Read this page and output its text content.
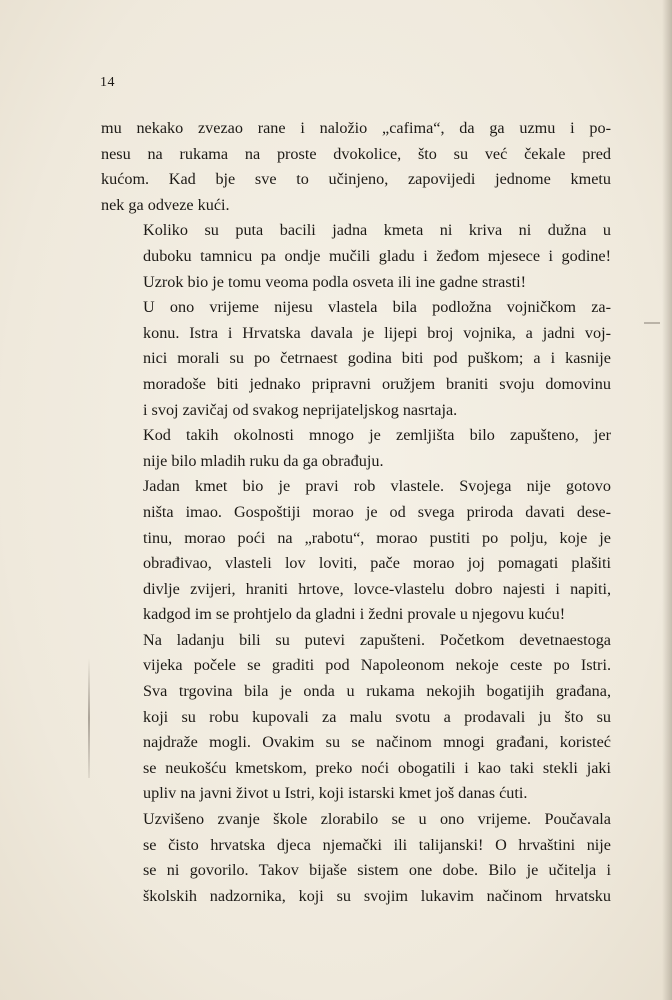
14
mu nekako zvezao rane i naložio „cafima“, da ga uzmu i po-
nesu na rukama na proste dvokolice, što su već čekale pred
kućom. Kad bje sve to učinjeno, zapovijedi jednome kmetu
nek ga odveze kući.
Koliko su puta bacili jadna kmeta ni kriva ni dužna u
duboku tamnicu pa ondje mučili gladu i žeđom mjesece i godine!
Uzrok bio je tomu veoma podla osveta ili ine gadne strasti!
U ono vrijeme nijesu vlastela bila podložna vojničkom za-
konu. Istra i Hrvatska davala je lijepi broj vojnika, a jadni voj-
nici morali su po četrnaest godina biti pod puškom; a i kasnije
moradoše biti jednako pripravni oružjem braniti svoju domovinu
i svoj zavičaj od svakog neprijateljskog nasrtaja.
Kod takih okolnosti mnogo je zemljišta bilo zapušteno, jer
nije bilo mladih ruku da ga obrađuju.
Jadan kmet bio je pravi rob vlastele. Svojega nije gotovo
ništa imao. Gospoštiji morao je od svega priroda davati dese-
tinu, morao poći na „rabotu“, morao pustiti po polju, koje je
obrađivao, vlasteli lov loviti, pače morao joj pomagati plašiti
divlje zvijeri, hraniti hrtove, lovce-vlastelu dobro najesti i napiti,
kadgod im se prohtjelo da gladni i žedni provale u njegovu kuću!
Na ladanju bili su putevi zapušteni. Početkom devetnaestoga
vijeka počele se graditi pod Napoleonom nekoje ceste po Istri.
Sva trgovina bila je onda u rukama nekojih bogatijih građana,
koji su robu kupovali za malu svotu a prodavali ju što su
najdraže mogli. Ovakim su se načinom mnogi građani, koristeć
se neukošću kmetskom, preko noći obogatili i kao taki stekli jaki
upliv na javni život u Istri, koji istarski kmet još danas ćuti.
Uzvišeno zvanje škole zlorabilo se u ono vrijeme. Poučavala
se čisto hrvatska djeca njemački ili talijanski! O hrvaštini nije
se ni govorilo. Takov bijaše sistem one dobe. Bilo je učitelja i
školskih nadzornika, koji su svojim lukavim načinom hrvatsku
